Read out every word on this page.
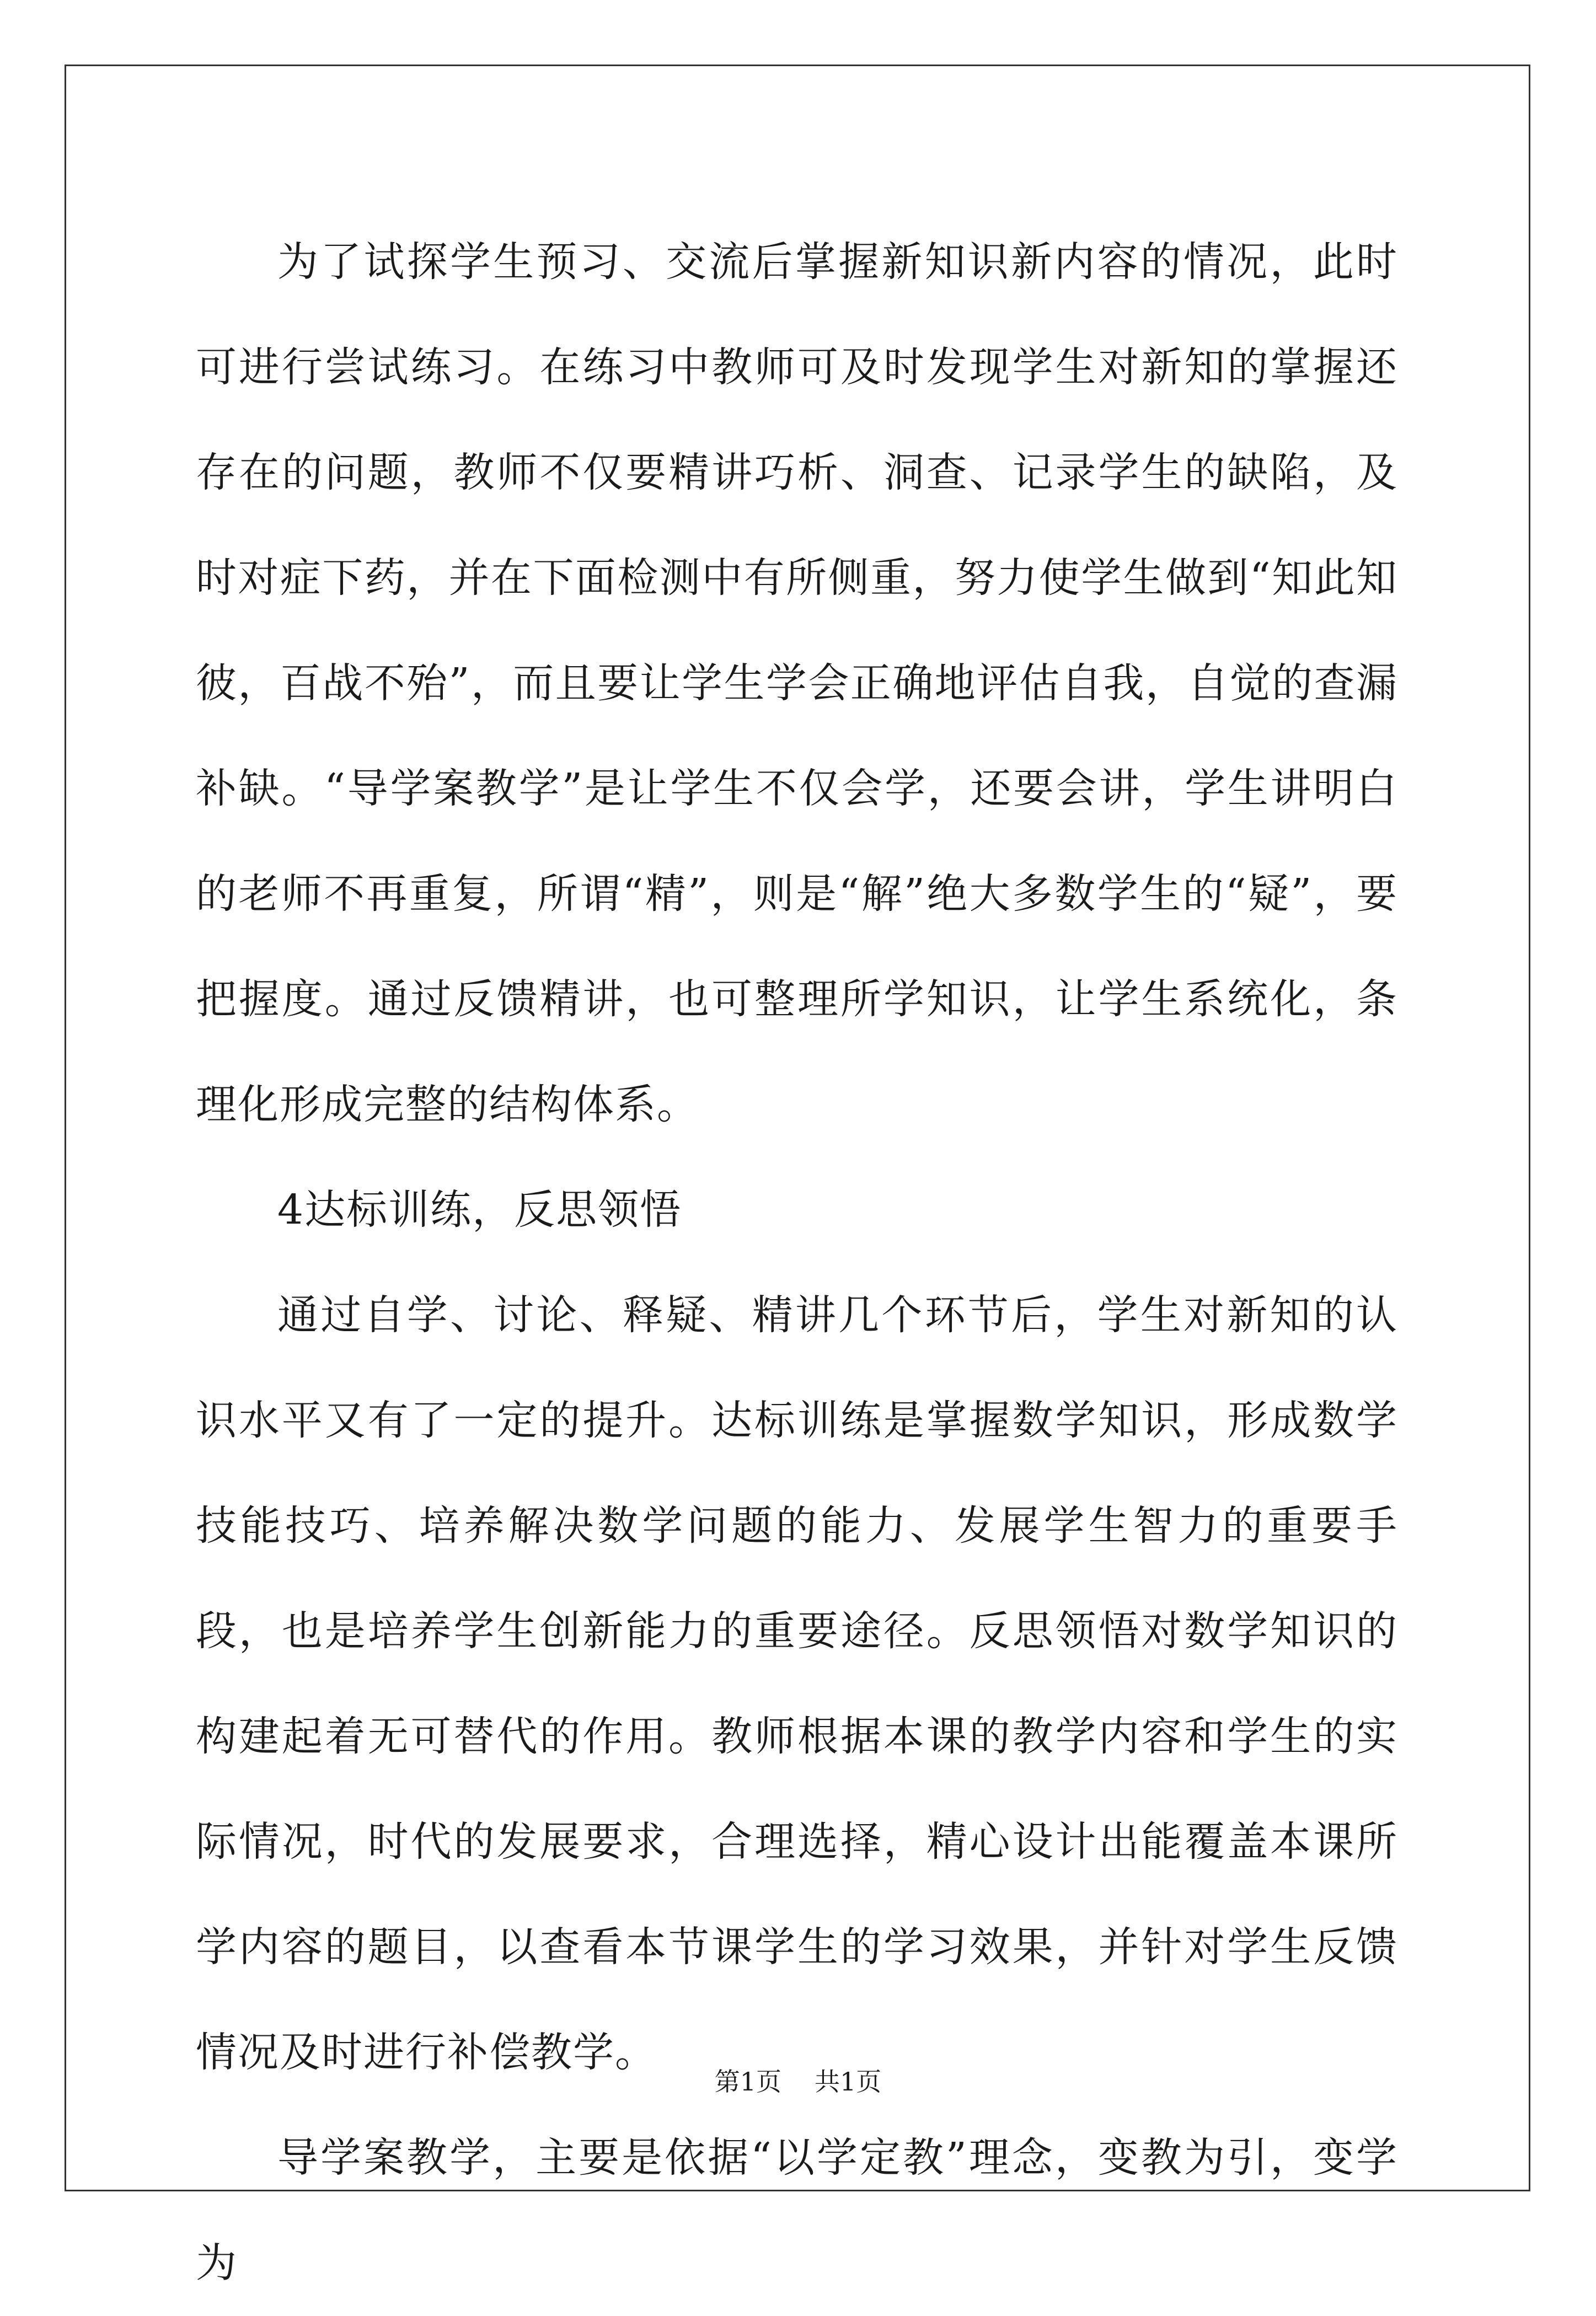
为了试探学生预习、交流后掌握新知识新内容的情况，此时可进行尝试练习。在练习中教师可及时发现学生对新知的掌握还存在的问题，教师不仅要精讲巧析、洞查、记录学生的缺陷，及时对症下药，并在下面检测中有所侧重，努力使学生做到“知此知彼，百战不殆”，而且要让学生学会正确地评估自我，自觉的查漏补缺。“导学案教学”是让学生不仅会学，还要会讲，学生讲明白的老师不再重复，所谓“精”，则是“解”绝大多数学生的“疑”，要把握度。通过反馈精讲，也可整理所学知识，让学生系统化，条理化形成完整的结构体系。

4达标训练，反思领悟

通过自学、讨论、释疑、精讲几个环节后，学生对新知的认识水平又有了一定的提升。达标训练是掌握数学知识，形成数学技能技巧、培养解决数学问题的能力、发展学生智力的重要手段，也是培养学生创新能力的重要途径。反思领悟对数学知识的构建起着无可替代的作用。教师根据本课的教学内容和学生的实际情况，时代的发展要求，合理选择，精心设计出能覆盖本课所学内容的题目，以查看本节课学生的学习效果，并针对学生反馈情况及时进行补偿教学。

导学案教学，主要是依据“以学定教”理念，变教为引，变学为

第1页 共1页
